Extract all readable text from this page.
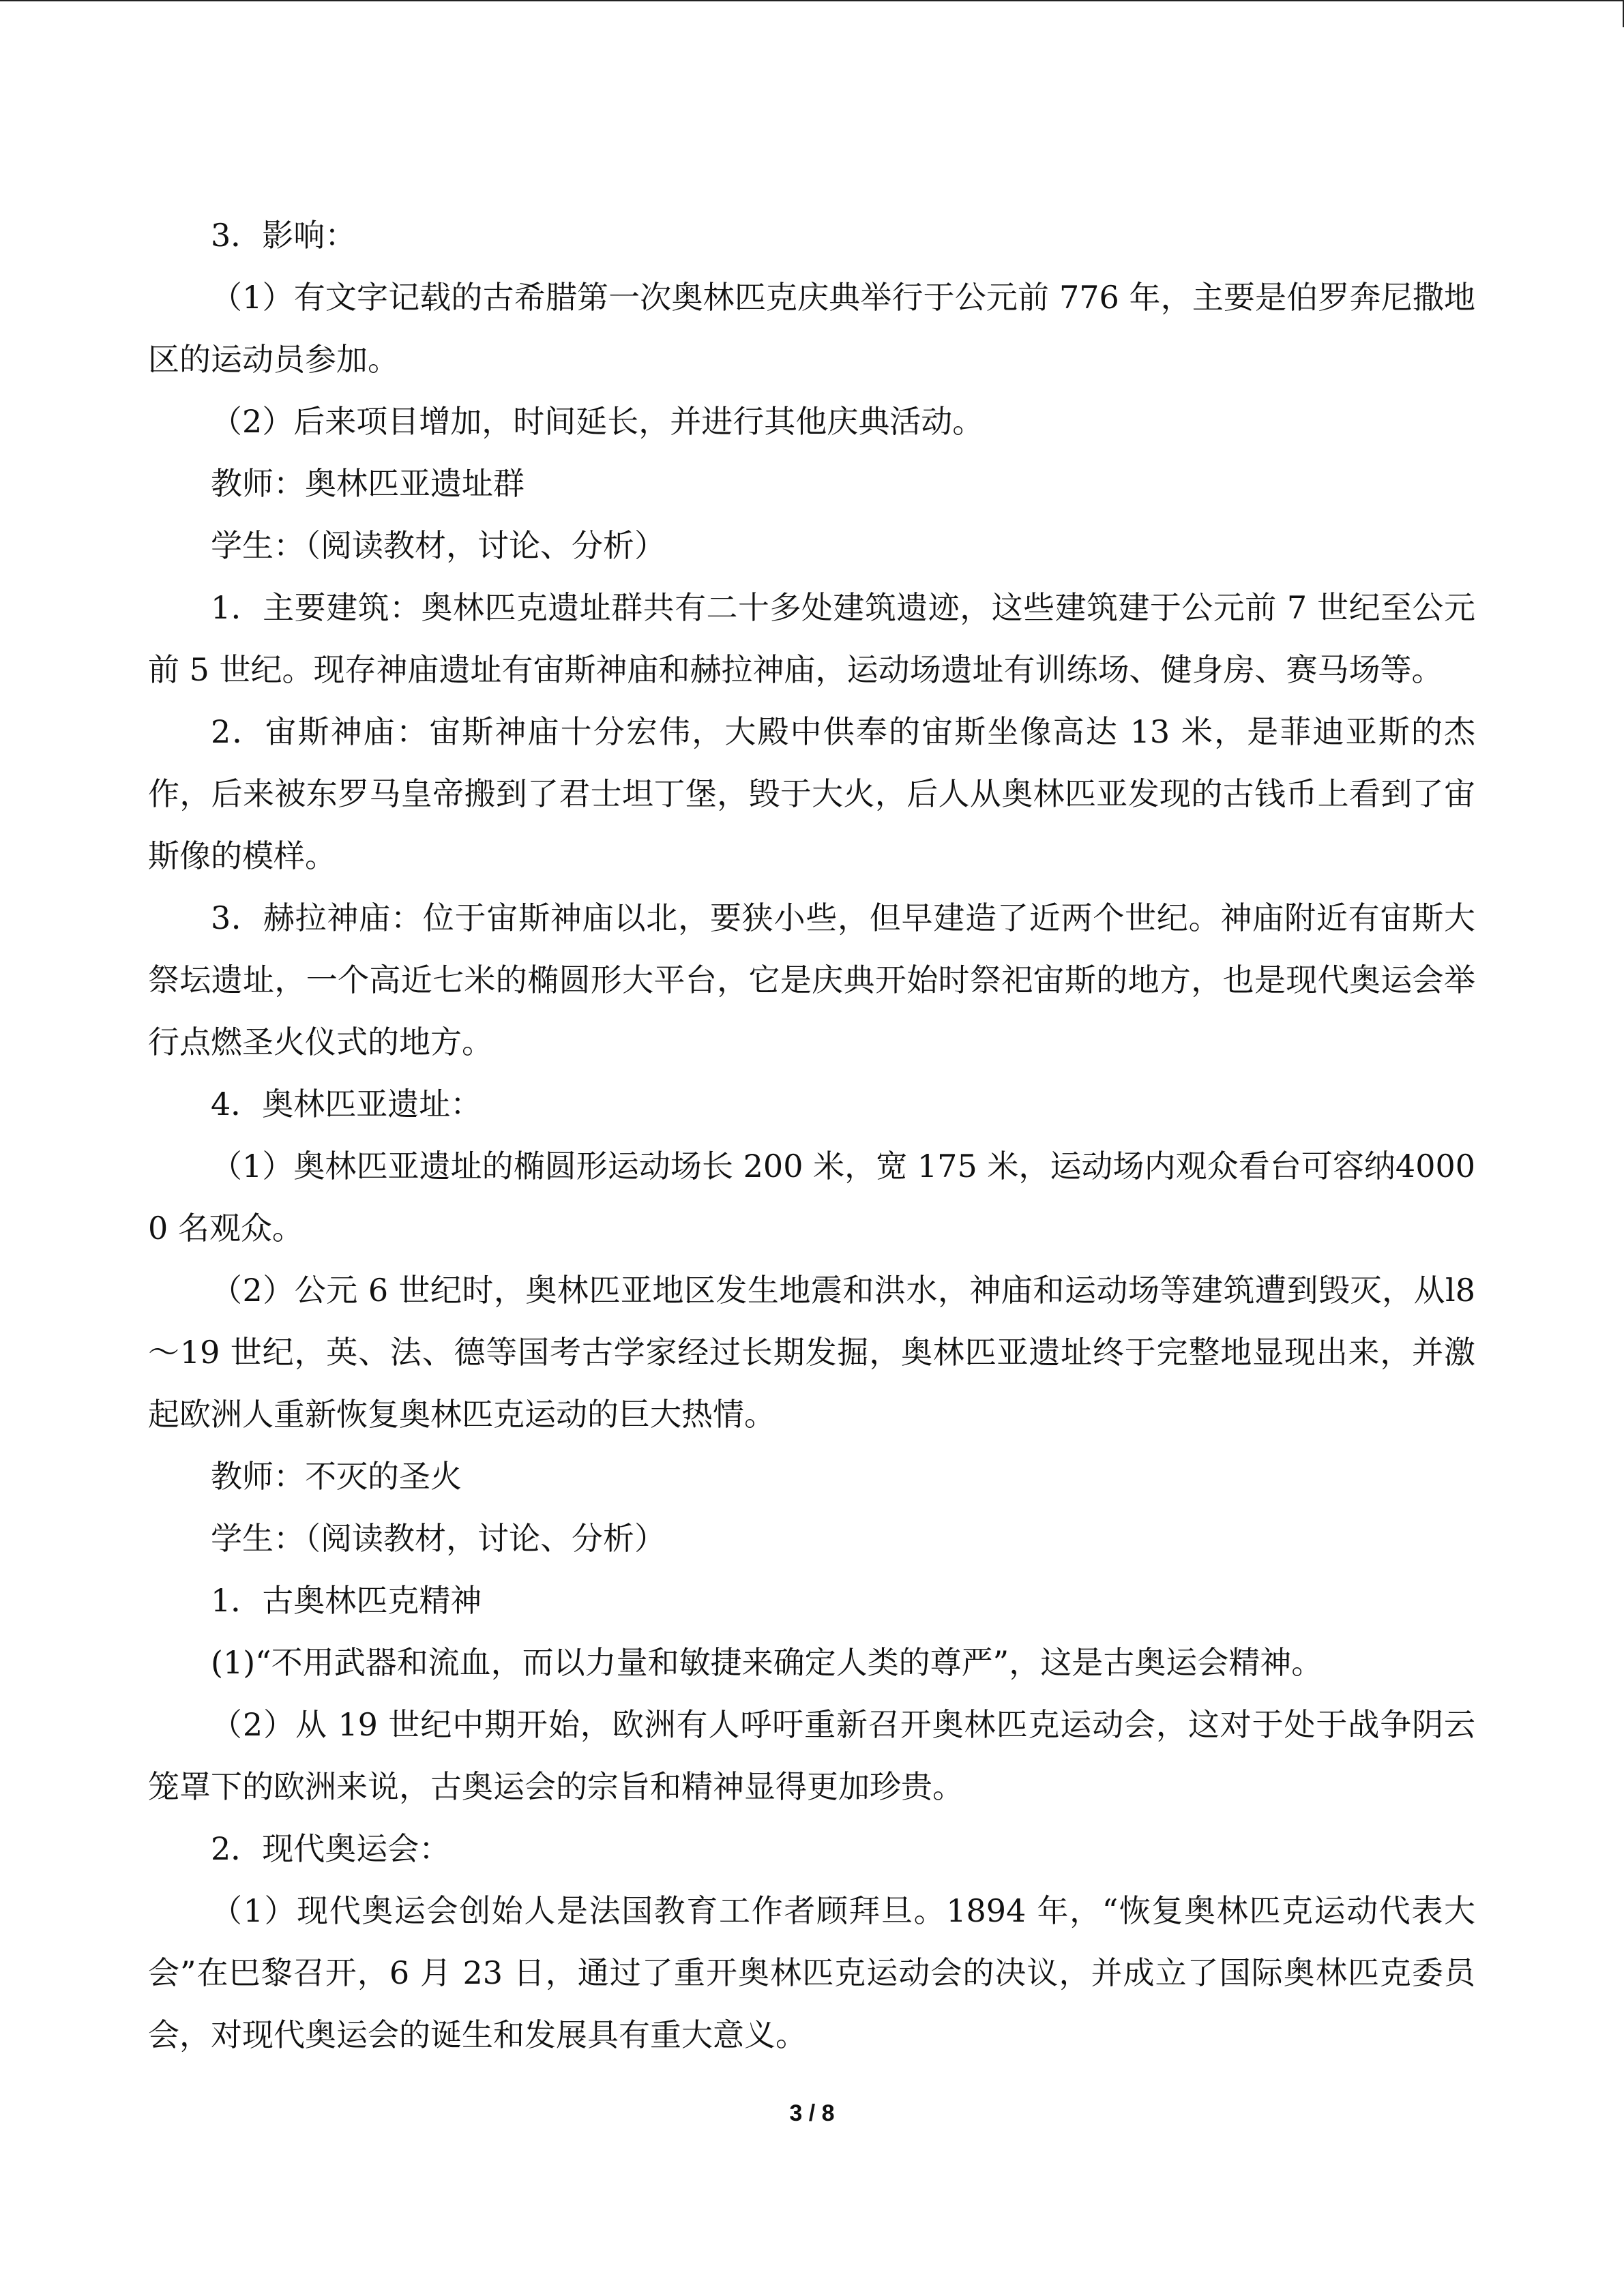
3．影响：

（1）有文字记载的古希腊第一次奥林匹克庆典举行于公元前 776 年，主要是伯罗奔尼撒地区的运动员参加。

（2）后来项目增加，时间延长，并进行其他庆典活动。

教师：奥林匹亚遗址群

学生：（阅读教材，讨论、分析）

1．主要建筑：奥林匹克遗址群共有二十多处建筑遗迹，这些建筑建于公元前 7 世纪至公元前 5 世纪。现存神庙遗址有宙斯神庙和赫拉神庙，运动场遗址有训练场、健身房、赛马场等。

2．宙斯神庙：宙斯神庙十分宏伟，大殿中供奉的宙斯坐像高达 13 米，是菲迪亚斯的杰作，后来被东罗马皇帝搬到了君士坦丁堡，毁于大火，后人从奥林匹亚发现的古钱币上看到了宙斯像的模样。

3．赫拉神庙：位于宙斯神庙以北，要狭小些，但早建造了近两个世纪。神庙附近有宙斯大祭坛遗址，一个高近七米的椭圆形大平台，它是庆典开始时祭祀宙斯的地方，也是现代奥运会举行点燃圣火仪式的地方。

4．奥林匹亚遗址：

（1）奥林匹亚遗址的椭圆形运动场长 200 米，宽 175 米，运动场内观众看台可容纳40000 名观众。

（2）公元 6 世纪时，奥林匹亚地区发生地震和洪水，神庙和运动场等建筑遭到毁灭，从l8～19 世纪，英、法、德等国考古学家经过长期发掘，奥林匹亚遗址终于完整地显现出来，并激起欧洲人重新恢复奥林匹克运动的巨大热情。

教师：不灭的圣火

学生：（阅读教材，讨论、分析）

1．古奥林匹克精神

(1)“不用武器和流血，而以力量和敏捷来确定人类的尊严”，这是古奥运会精神。

（2）从 19 世纪中期开始，欧洲有人呼吁重新召开奥林匹克运动会，这对于处于战争阴云笼罩下的欧洲来说，古奥运会的宗旨和精神显得更加珍贵。

2．现代奥运会：

（1）现代奥运会创始人是法国教育工作者顾拜旦。1894 年，“恢复奥林匹克运动代表大会”在巴黎召开，6 月 23 日，通过了重开奥林匹克运动会的决议，并成立了国际奥林匹克委员会，对现代奥运会的诞生和发展具有重大意义。

3 / 8
